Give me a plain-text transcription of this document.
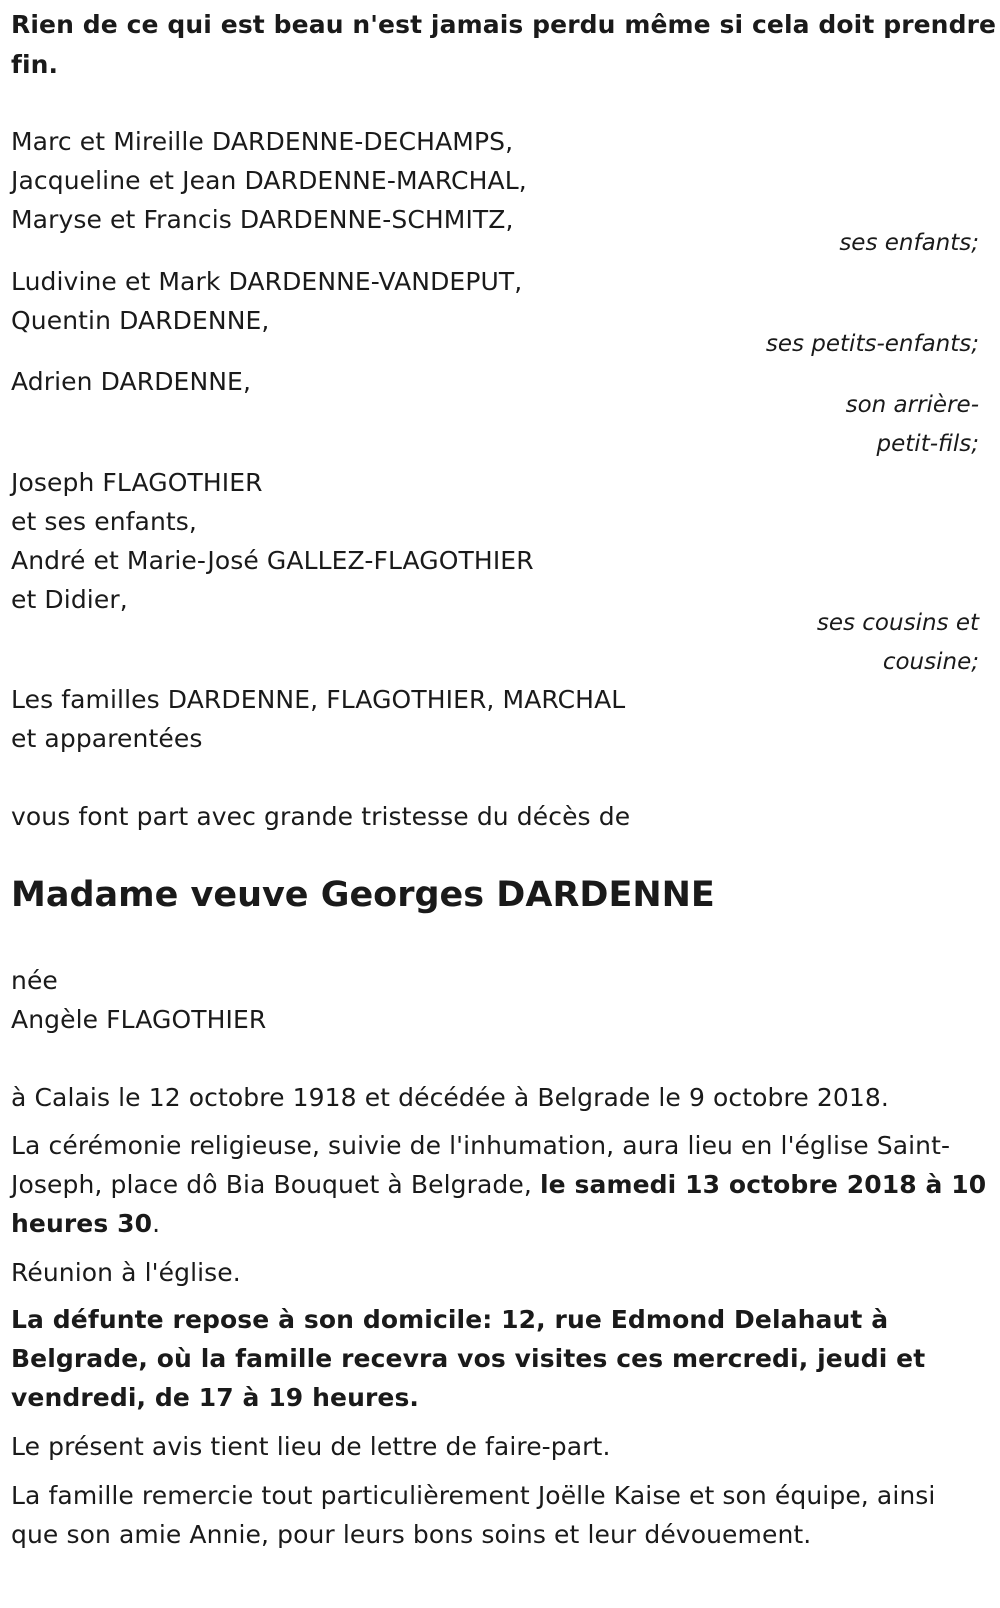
Rien de ce qui est beau n'est jamais perdu même si cela doit prendre
fin.
Marc et Mireille DARDENNE-DECHAMPS,
Jacqueline et Jean DARDENNE-MARCHAL,
Maryse et Francis DARDENNE-SCHMITZ,
ses enfants;
Ludivine et Mark DARDENNE-VANDEPUT,
Quentin DARDENNE,
ses petits-enfants;
Adrien DARDENNE,
son arrière-
petit-fils;
Joseph FLAGOTHIER
et ses enfants,
André et Marie-José GALLEZ-FLAGOTHIER
et Didier,
ses cousins et
cousine;
Les familles DARDENNE, FLAGOTHIER, MARCHAL
et apparentées
vous font part avec grande tristesse du décès de
Madame veuve Georges DARDENNE
née
Angèle FLAGOTHIER
à Calais le 12 octobre 1918 et décédée à Belgrade le 9 octobre 2018.
La cérémonie religieuse, suivie de l'inhumation, aura lieu en l'église Saint-
Joseph, place dô Bia Bouquet à Belgrade, le samedi 13 octobre 2018 à 10
heures 30.
Réunion à l'église.
La défunte repose à son domicile: 12, rue Edmond Delahaut à
Belgrade, où la famille recevra vos visites ces mercredi, jeudi et
vendredi, de 17 à 19 heures.
Le présent avis tient lieu de lettre de faire-part.
La famille remercie tout particulièrement Joëlle Kaise et son équipe, ainsi
que son amie Annie, pour leurs bons soins et leur dévouement.
